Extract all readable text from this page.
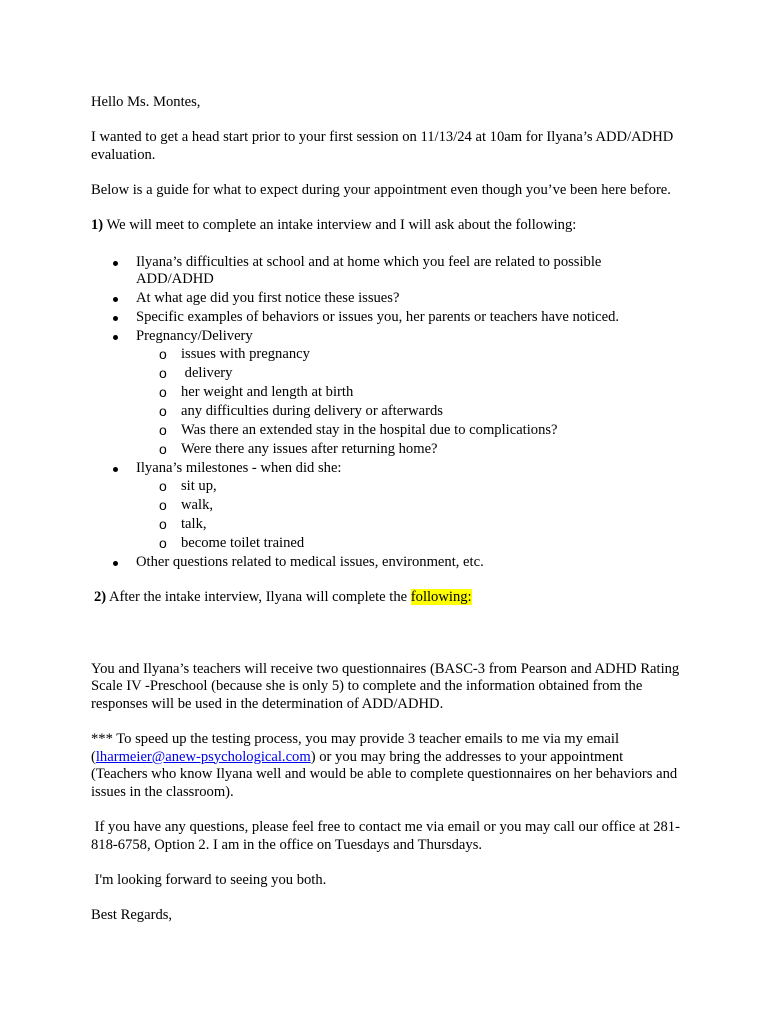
Hello Ms. Montes,

I wanted to get a head start prior to your first session on 11/13/24 at 10am for Ilyana’s ADD/ADHD evaluation.

Below is a guide for what to expect during your appointment even though you’ve been here before.

1) We will meet to complete an intake interview and I will ask about the following:

Ilyana’s difficulties at school and at home which you feel are related to possible ADD/ADHD
At what age did you first notice these issues?
Specific examples of behaviors or issues you, her parents or teachers have noticed.
Pregnancy/Delivery
o issues with pregnancy
o delivery
o her weight and length at birth
o any difficulties during delivery or afterwards
o Was there an extended stay in the hospital due to complications?
o Were there any issues after returning home?
Ilyana’s milestones - when did she:
o sit up,
o walk,
o talk,
o become toilet trained
Other questions related to medical issues, environment, etc.

2) After the intake interview, Ilyana will complete the following:

You and Ilyana’s teachers will receive two questionnaires (BASC-3 from Pearson and ADHD Rating Scale IV -Preschool (because she is only 5) to complete and the information obtained from the responses will be used in the determination of ADD/ADHD.

*** To speed up the testing process, you may provide 3 teacher emails to me via my email (lharmeier@anew-psychological.com) or you may bring the addresses to your appointment (Teachers who know Ilyana well and would be able to complete questionnaires on her behaviors and issues in the classroom).

If you have any questions, please feel free to contact me via email or you may call our office at 281-818-6758, Option 2. I am in the office on Tuesdays and Thursdays.

I'm looking forward to seeing you both.

Best Regards,
